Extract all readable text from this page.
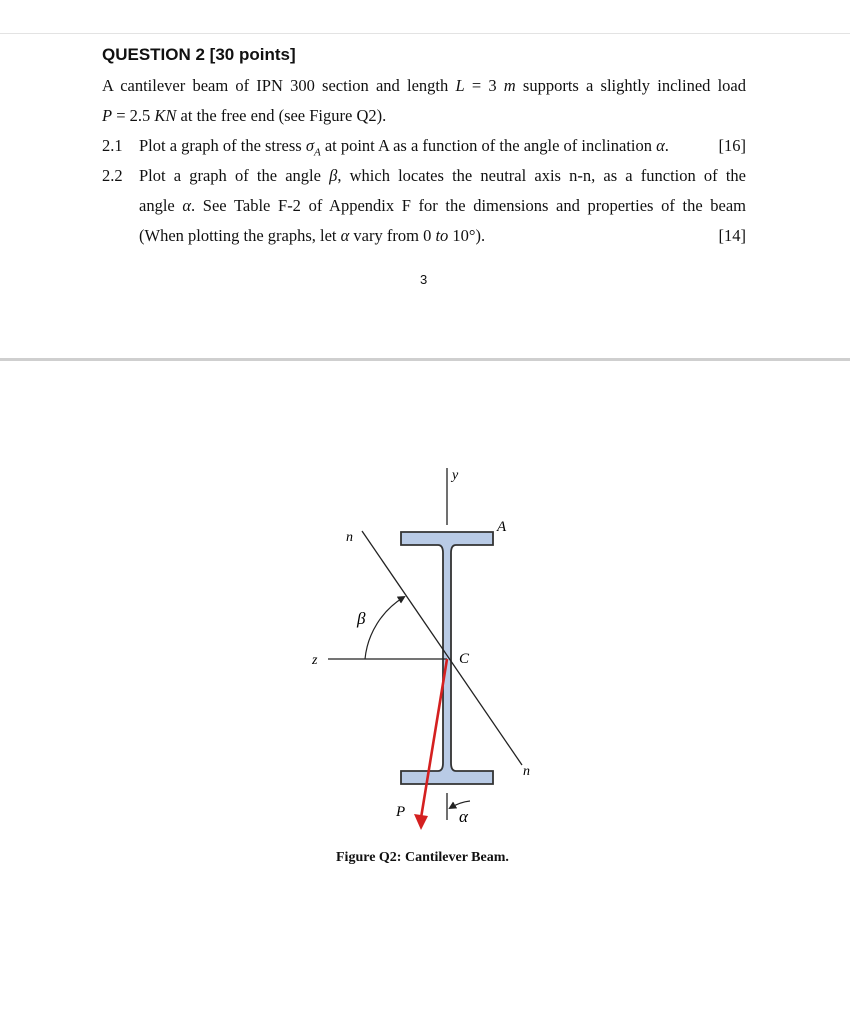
QUESTION 2 [30 points]
A cantilever beam of IPN 300 section and length L = 3 m supports a slightly inclined load
P = 2.5 KN at the free end (see Figure Q2).
2.1 Plot a graph of the stress $\sigma_A$ at point A as a function of the angle of inclination α.	[16]
2.2 Plot a graph of the angle β, which locates the neutral axis n-n, as a function of the
angle α. See Table F-2 of Appendix F for the dimensions and properties of the beam
(When plotting the graphs, let α vary from 0 to 10°).	[14]
3
y
A
n
β
z	C
n
P	α
Figure Q2: Cantilever Beam.
